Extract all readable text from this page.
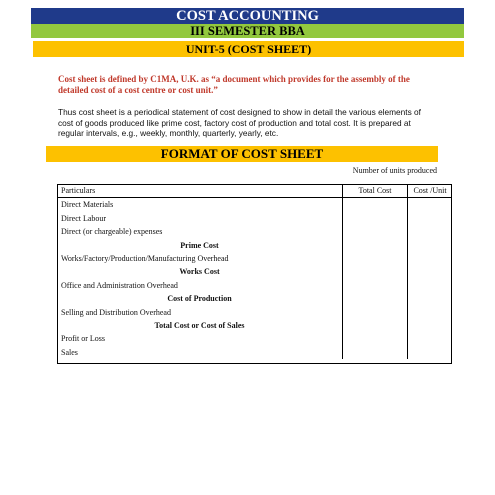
COST ACCOUNTING
III SEMESTER BBA
UNIT-5 (COST SHEET)
Cost sheet is defined by C1MA, U.K. as “a document which provides for the assembly of the detailed cost of a cost centre or cost unit.”
Thus cost sheet is a periodical statement of cost designed to show in detail the various elements of cost of goods produced like prime cost, factory cost of production and total cost. It is prepared at regular intervals, e.g., weekly, monthly, quarterly, yearly, etc.
FORMAT OF COST SHEET
Number of units produced
Particulars	Total Cost	Cost /Unit
Direct Materials		
Direct Labour		
Direct (or chargeable) expenses		
Prime Cost		
Works/Factory/Production/Manufacturing Overhead		
Works Cost		
Office and Administration Overhead		
Cost of Production		
Selling and Distribution Overhead		
Total Cost or Cost of Sales		
Profit or Loss		
Sales		
